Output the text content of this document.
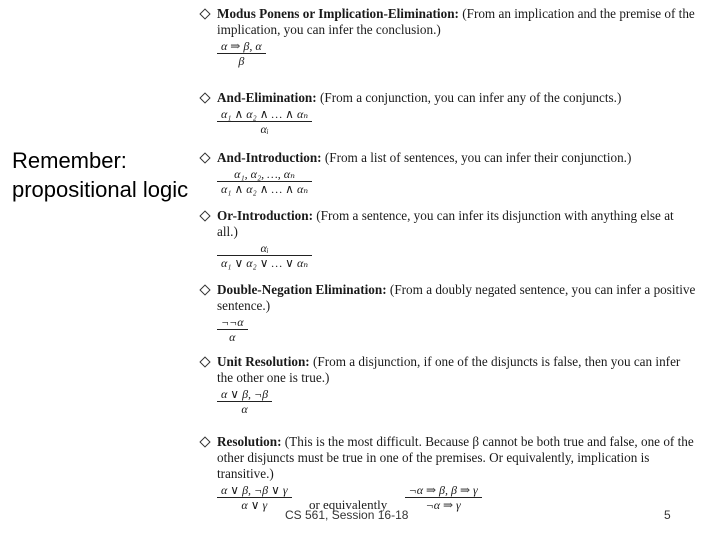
Remember: propositional logic
Modus Ponens or Implication-Elimination: (From an implication and the premise of the implication, you can infer the conclusion.)

$\frac{\alpha \Rightarrow \beta, \alpha}{\beta}$
And-Elimination: (From a conjunction, you can infer any of the conjuncts.)

$\frac{\text{α₁ ∧ α₂ ∧ … ∧ αₙ}}{\text{αᵢ}}$
And-Introduction: (From a list of sentences, you can infer their conjunction.)

$\frac{\text{α₁, α₂, …, αₙ}}{\text{α₁ ∧ α₂ ∧ … ∧ αₙ}}$
Or-Introduction: (From a sentence, you can infer its disjunction with anything else at all.)

$\frac{\text{αᵢ}}{\text{α₁ ∨ α₂ ∨ … ∨ αₙ}}$
Double-Negation Elimination: (From a doubly negated sentence, you can infer a positive sentence.)

$\frac{\neg\neg\alpha}{\alpha}$
Unit Resolution: (From a disjunction, if one of the disjuncts is false, then you can infer the other one is true.)

$\frac{\alpha \vee \beta, \neg\beta}{\alpha}$
Resolution: (This is the most difficult. Because β cannot be both true and false, one of the other disjuncts must be true in one of the premises. Or equivalently, implication is transitive.)

$\frac{\alpha \vee \beta, \neg\beta \vee \gamma}{\alpha \vee \gamma}$ or equivalently $\frac{\neg\alpha \Rightarrow \beta, \beta \Rightarrow \gamma}{\neg\alpha \Rightarrow \gamma}$
CS 561, Session 16-18	5
